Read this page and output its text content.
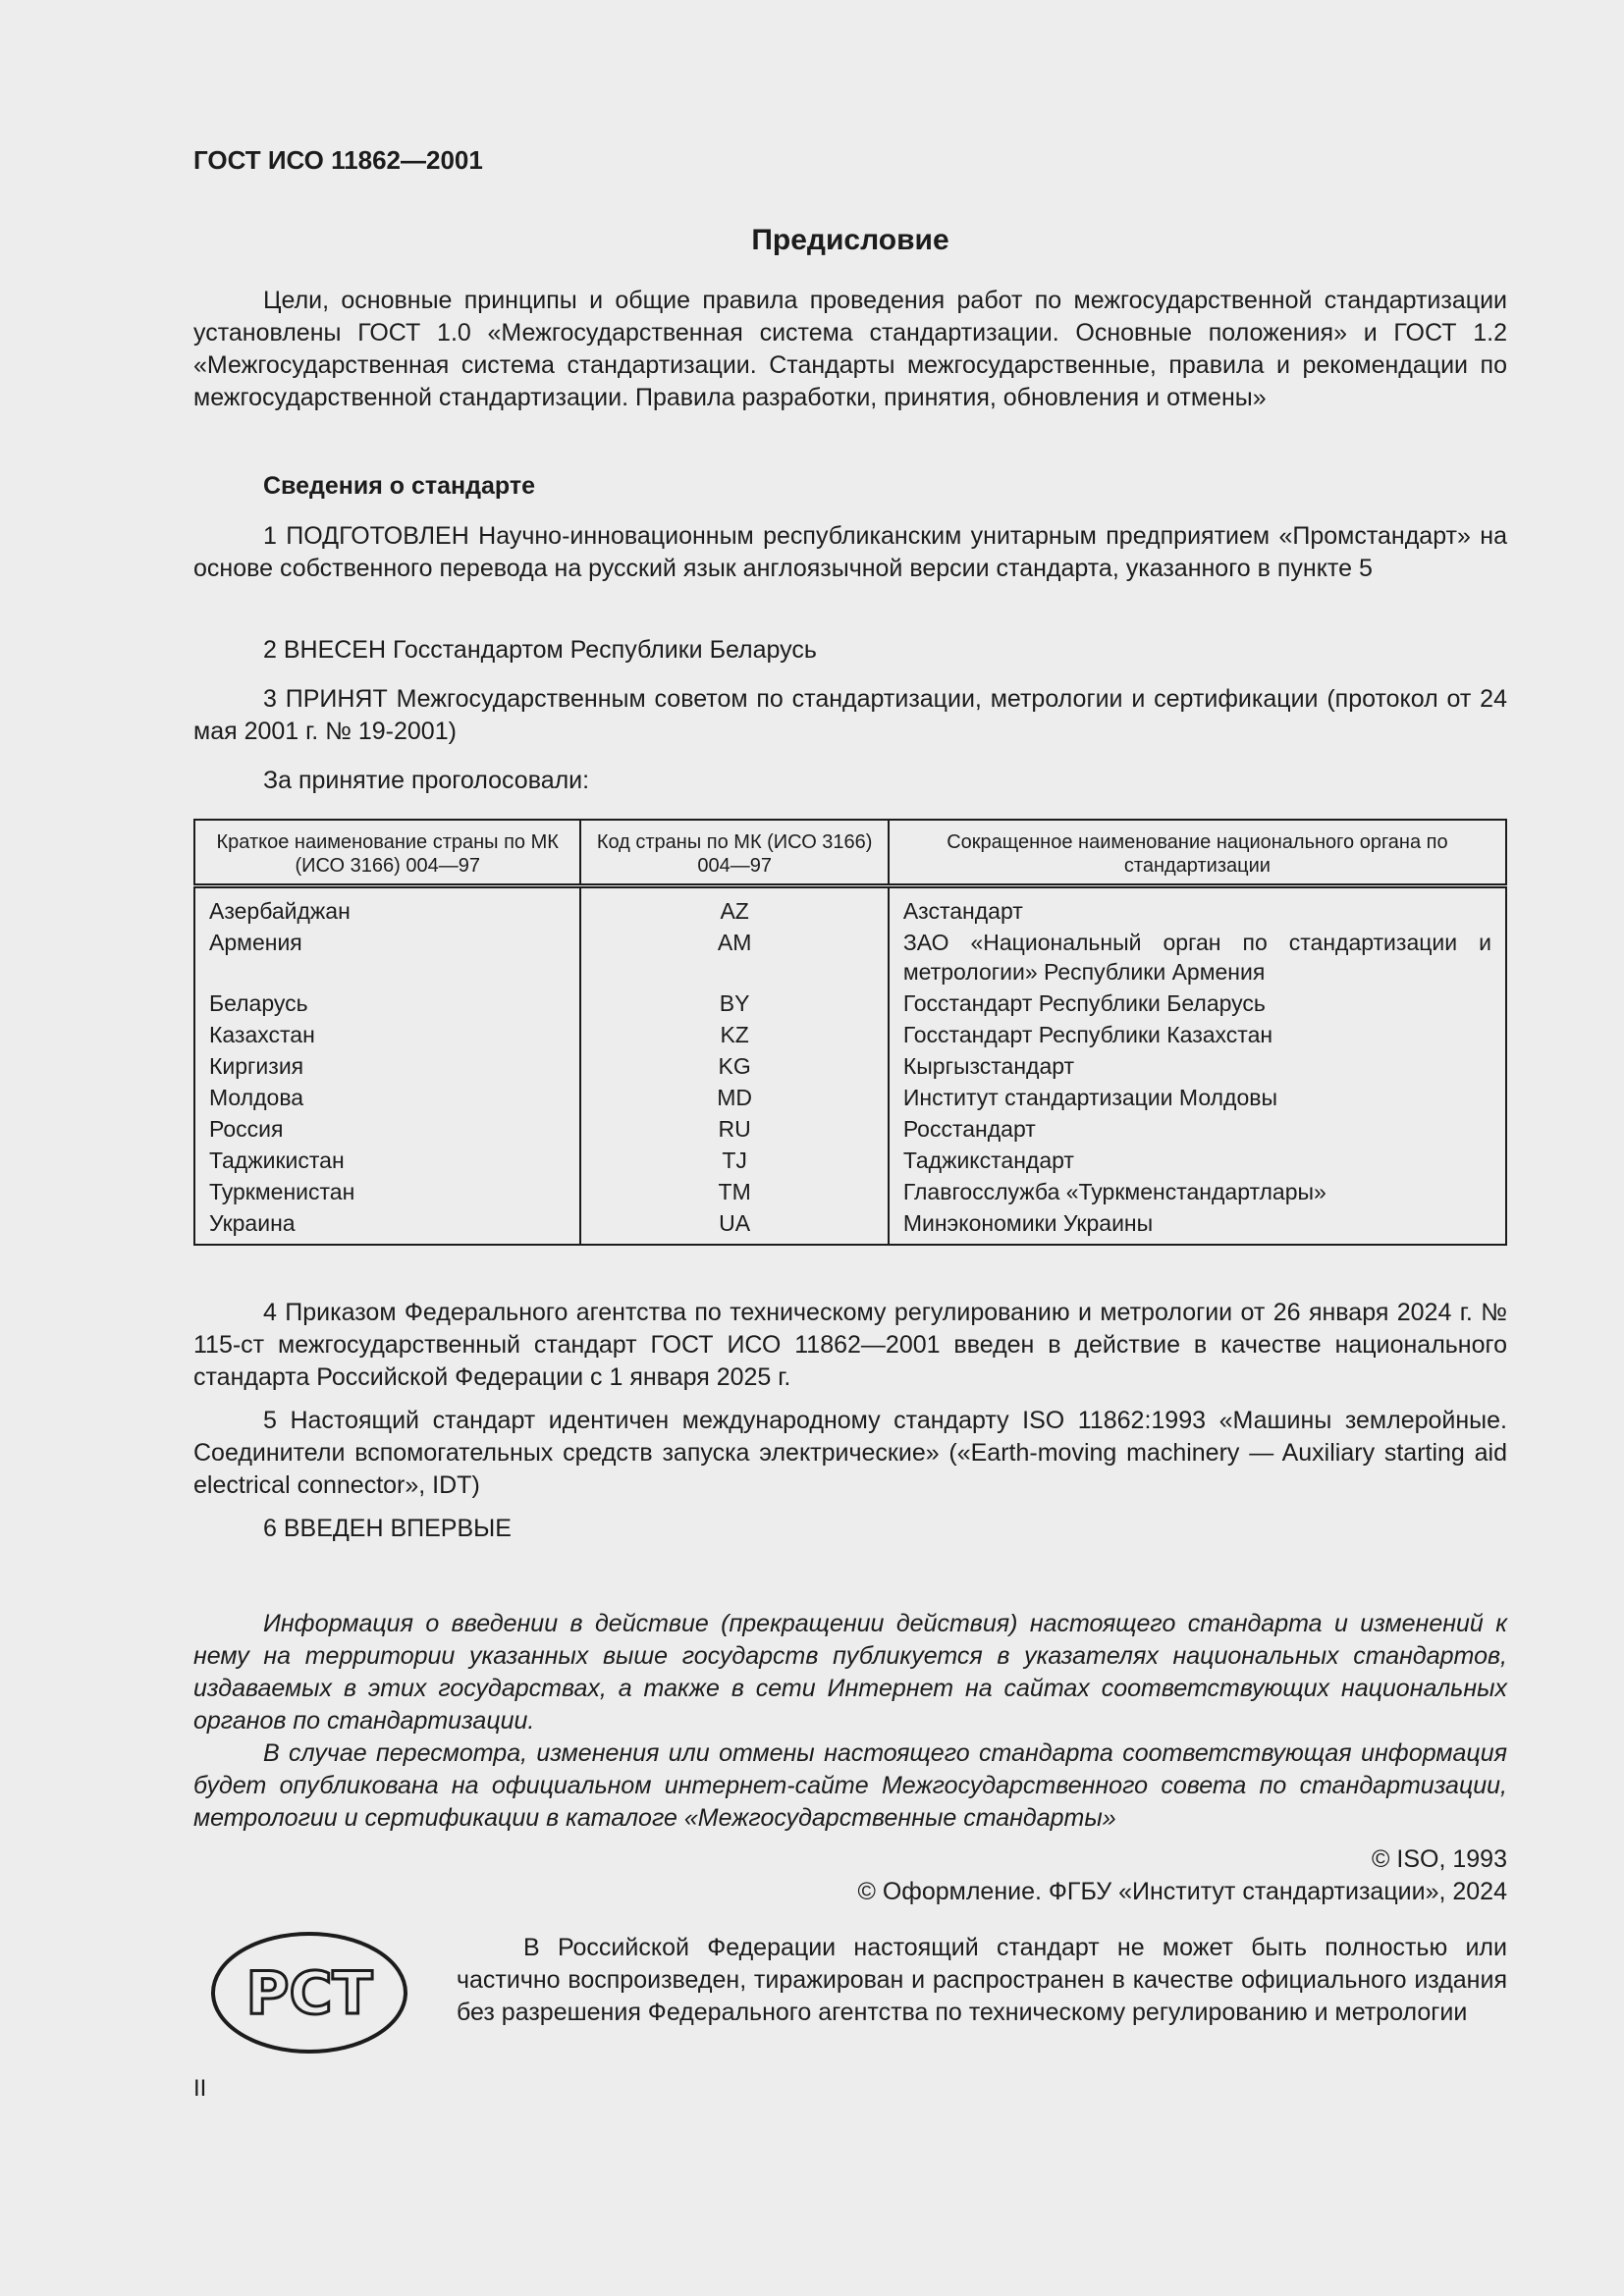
ГОСТ ИСО 11862—2001
Предисловие

Цели, основные принципы и общие правила проведения работ по межгосударственной стандартизации установлены ГОСТ 1.0 «Межгосударственная система стандартизации. Основные положения» и ГОСТ 1.2 «Межгосударственная система стандартизации. Стандарты межгосударственные, правила и рекомендации по межгосударственной стандартизации. Правила разработки, принятия, обновления и отмены»

Сведения о стандарте

1 ПОДГОТОВЛЕН Научно-инновационным республиканским унитарным предприятием «Промстандарт» на основе собственного перевода на русский язык англоязычной версии стандарта, указанного в пункте 5

2 ВНЕСЕН Госстандартом Республики Беларусь

3 ПРИНЯТ Межгосударственным советом по стандартизации, метрологии и сертификации (протокол от 24 мая 2001 г. № 19-2001)

За принятие проголосовали:

Краткое наименование страны по МК (ИСО 3166) 004—97	Код страны по МК (ИСО 3166) 004—97	Сокращенное наименование национального органа по стандартизации
Азербайджан	AZ	Азстандарт
Армения	AM	ЗАО «Национальный орган по стандартизации и метрологии» Республики Армения
Беларусь	BY	Госстандарт Республики Беларусь
Казахстан	KZ	Госстандарт Республики Казахстан
Киргизия	KG	Кыргызстандарт
Молдова	MD	Институт стандартизации Молдовы
Россия	RU	Росстандарт
Таджикистан	TJ	Таджикстандарт
Туркменистан	TM	Главгосслужба «Туркменстандартлары»
Украина	UA	Минэкономики Украины

4 Приказом Федерального агентства по техническому регулированию и метрологии от 26 января 2024 г. № 115-ст межгосударственный стандарт ГОСТ ИСО 11862—2001 введен в действие в качестве национального стандарта Российской Федерации с 1 января 2025 г.

5 Настоящий стандарт идентичен международному стандарту ISO 11862:1993 «Машины землеройные. Соединители вспомогательных средств запуска электрические» («Earth-moving machinery — Auxiliary starting aid electrical connector», IDT)

6 ВВЕДЕН ВПЕРВЫЕ

Информация о введении в действие (прекращении действия) настоящего стандарта и изменений к нему на территории указанных выше государств публикуется в указателях национальных стандартов, издаваемых в этих государствах, а также в сети Интернет на сайтах соответствующих национальных органов по стандартизации.

В случае пересмотра, изменения или отмены настоящего стандарта соответствующая информация будет опубликована на официальном интернет-сайте Межгосударственного совета по стандартизации, метрологии и сертификации в каталоге «Межгосударственные стандарты»

© ISO, 1993

© Оформление. ФГБУ «Институт стандартизации», 2024

РСТ

В Российской Федерации настоящий стандарт не может быть полностью или частично воспроизведен, тиражирован и распространен в качестве официального издания без разрешения Федерального агентства по техническому регулированию и метрологии

II
